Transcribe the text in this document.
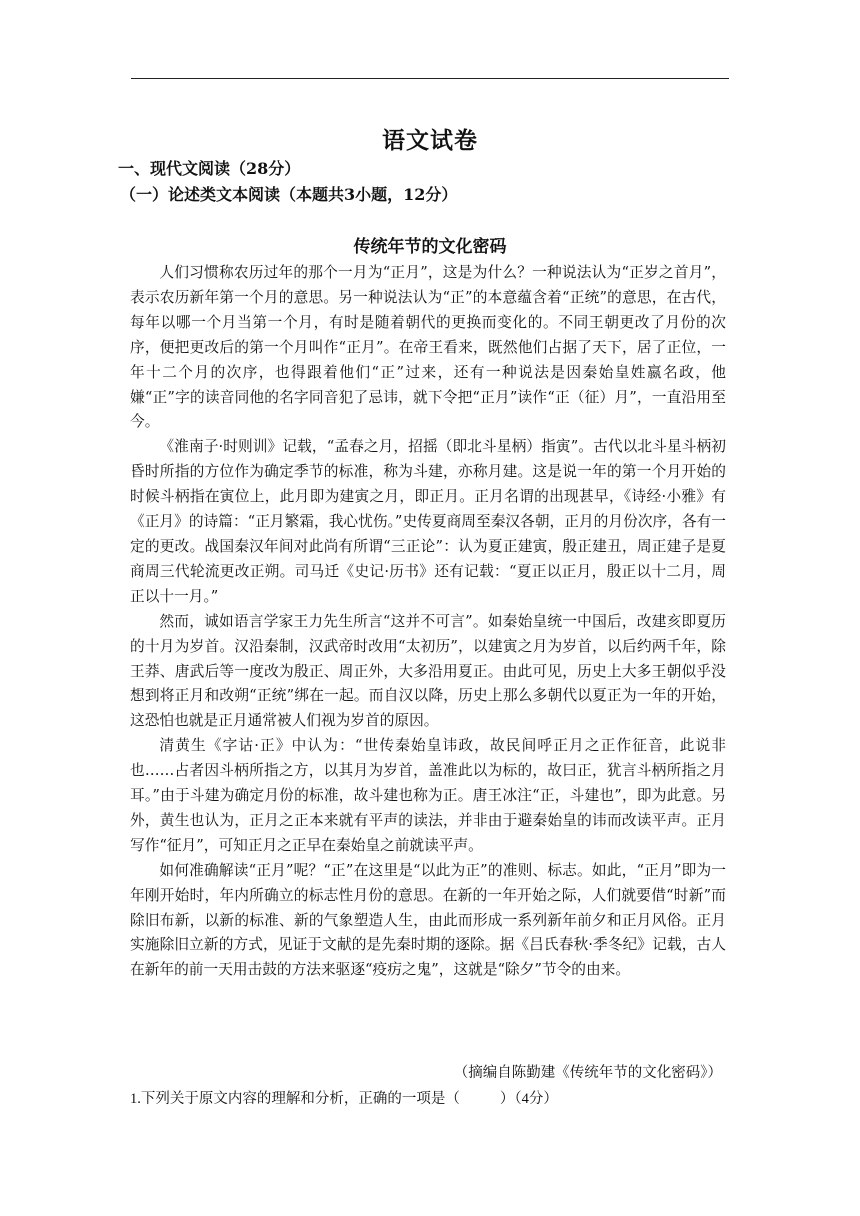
语文试卷
一、现代文阅读（28分）
（一）论述类文本阅读（本题共3小题，12分）
传统年节的文化密码

人们习惯称农历过年的那个一月为“正月”，这是为什么？一种说法认为“正岁之首月”，表示农历新年第一个月的意思。另一种说法认为“正”的本意蕴含着“正统”的意思，在古代，每年以哪一个月当第一个月，有时是随着朝代的更换而变化的。不同王朝更改了月份的次序，便把更改后的第一个月叫作“正月”。在帝王看来，既然他们占据了天下，居了正位，一年十二个月的次序，也得跟着他们“正”过来，还有一种说法是因秦始皇姓嬴名政，他嫌“正”字的读音同他的名字同音犯了忌讳，就下令把“正月”读作“正（征）月”，一直沿用至今。

《淮南子·时则训》记载，“孟春之月，招摇（即北斗星柄）指寅”。古代以北斗星斗柄初昏时所指的方位作为确定季节的标准，称为斗建，亦称月建。这是说一年的第一个月开始的时候斗柄指在寅位上，此月即为建寅之月，即正月。正月名谓的出现甚早，《诗经·小雅》有《正月》的诗篇：“正月繁霜，我心忧伤。”史传夏商周至秦汉各朝，正月的月份次序，各有一定的更改。战国秦汉年间对此尚有所谓“三正论”：认为夏正建寅，殷正建丑，周正建子是夏商周三代轮流更改正朔。司马迁《史记·历书》还有记载：“夏正以正月，殷正以十二月，周正以十一月。”

然而，诚如语言学家王力先生所言“这并不可言”。如秦始皇统一中国后，改建亥即夏历的十月为岁首。汉沿秦制，汉武帝时改用“太初历”，以建寅之月为岁首，以后约两千年，除王莽、唐武后等一度改为殷正、周正外，大多沿用夏正。由此可见，历史上大多王朝似乎没想到将正月和改朔“正统”绑在一起。而自汉以降，历史上那么多朝代以夏正为一年的开始，这恐怕也就是正月通常被人们视为岁首的原因。

清黄生《字诂·正》中认为：“世传秦始皇讳政，故民间呼正月之正作征音，此说非也……占者因斗柄所指之方，以其月为岁首，盖准此以为标的，故曰正，犹言斗柄所指之月耳。”由于斗建为确定月份的标准，故斗建也称为正。唐王冰注“正，斗建也”，即为此意。另外，黄生也认为，正月之正本来就有平声的读法，并非由于避秦始皇的讳而改读平声。正月写作“征月”，可知正月之正早在秦始皇之前就读平声。

如何准确解读“正月”呢？“正”在这里是“以此为正”的准则、标志。如此，“正月”即为一年刚开始时，年内所确立的标志性月份的意思。在新的一年开始之际，人们就要借“时新”而除旧布新，以新的标准、新的气象塑造人生，由此而形成一系列新年前夕和正月风俗。正月实施除旧立新的方式，见证于文献的是先秦时期的逐除。据《吕氏春秋·季冬纪》记载，古人在新年的前一天用击鼓的方法来驱逐“疫疠之鬼”，这就是“除夕”节令的由来。

（摘编自陈勤建《传统年节的文化密码》）
1.下列关于原文内容的理解和分析，正确的一项是（	）（4分）
